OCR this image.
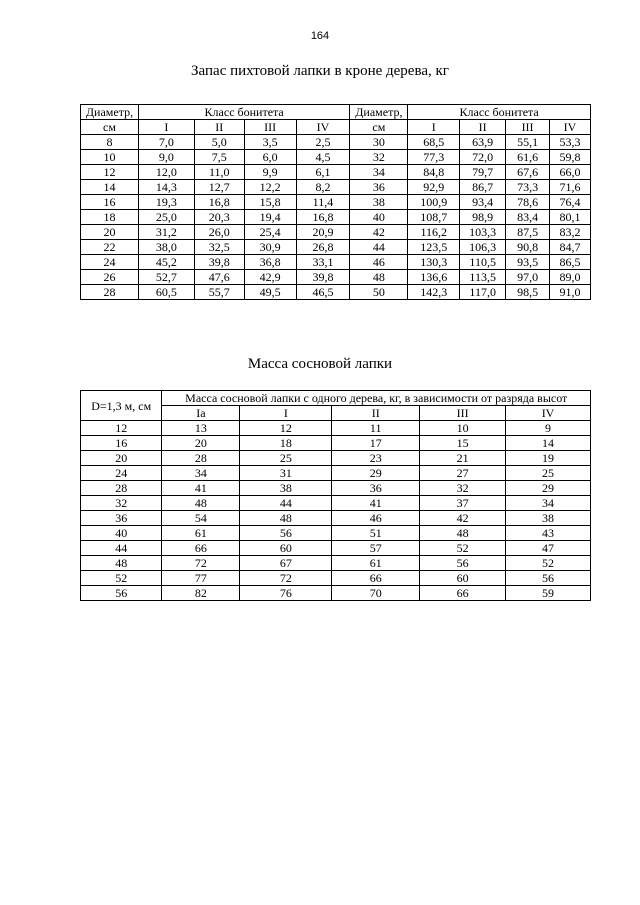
164
Запас пихтовой лапки в кроне дерева, кг
Диаметр,	Класс бонитета				Диаметр,	Класс бонитета			
см	I	II	III	IV	см	I	II	III	IV
8	7,0	5,0	3,5	2,5	30	68,5	63,9	55,1	53,3
10	9,0	7,5	6,0	4,5	32	77,3	72,0	61,6	59,8
12	12,0	11,0	9,9	6,1	34	84,8	79,7	67,6	66,0
14	14,3	12,7	12,2	8,2	36	92,9	86,7	73,3	71,6
16	19,3	16,8	15,8	11,4	38	100,9	93,4	78,6	76,4
18	25,0	20,3	19,4	16,8	40	108,7	98,9	83,4	80,1
20	31,2	26,0	25,4	20,9	42	116,2	103,3	87,5	83,2
22	38,0	32,5	30,9	26,8	44	123,5	106,3	90,8	84,7
24	45,2	39,8	36,8	33,1	46	130,3	110,5	93,5	86,5
26	52,7	47,6	42,9	39,8	48	136,6	113,5	97,0	89,0
28	60,5	55,7	49,5	46,5	50	142,3	117,0	98,5	91,0
Масса сосновой лапки
D=1,3 м, см	Масса сосновой лапки с одного дерева, кг, в зависимости от разряда высот				
	Ia	I	II	III	IV
12	13	12	11	10	9
16	20	18	17	15	14
20	28	25	23	21	19
24	34	31	29	27	25
28	41	38	36	32	29
32	48	44	41	37	34
36	54	48	46	42	38
40	61	56	51	48	43
44	66	60	57	52	47
48	72	67	61	56	52
52	77	72	66	60	56
56	82	76	70	66	59
